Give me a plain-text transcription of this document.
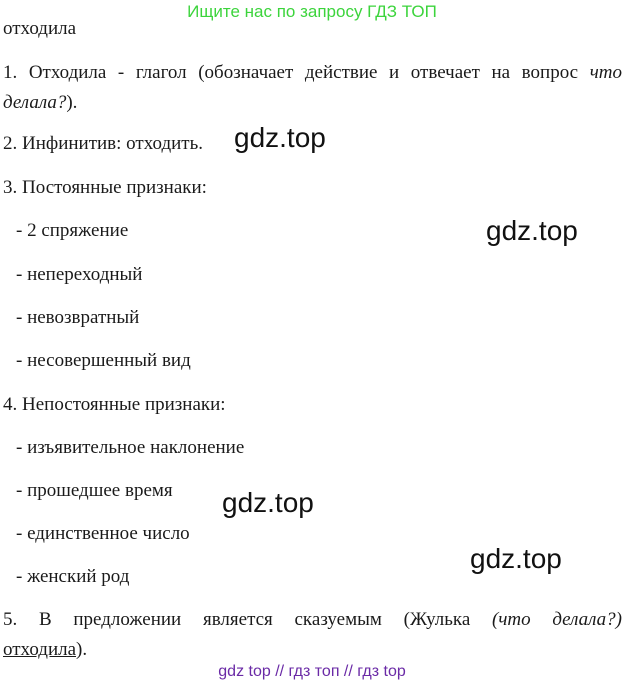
Ищите нас по запросу ГДЗ ТОП
отходила
1. Отходила - глагол (обозначает действие и отвечает на вопрос что
делала?).
2. Инфинитив: отходить.
3. Постоянные признаки:
- 2 спряжение
- непереходный
- невозвратный
- несовершенный вид
4. Непостоянные признаки:
- изъявительное наклонение
- прошедшее время
- единственное число
- женский род
5. В предложении является сказуемым (Жулька (что делала?)
отходила).
gdz.top
gdz.top
gdz.top
gdz.top
gdz top // гдз топ // гдз top
